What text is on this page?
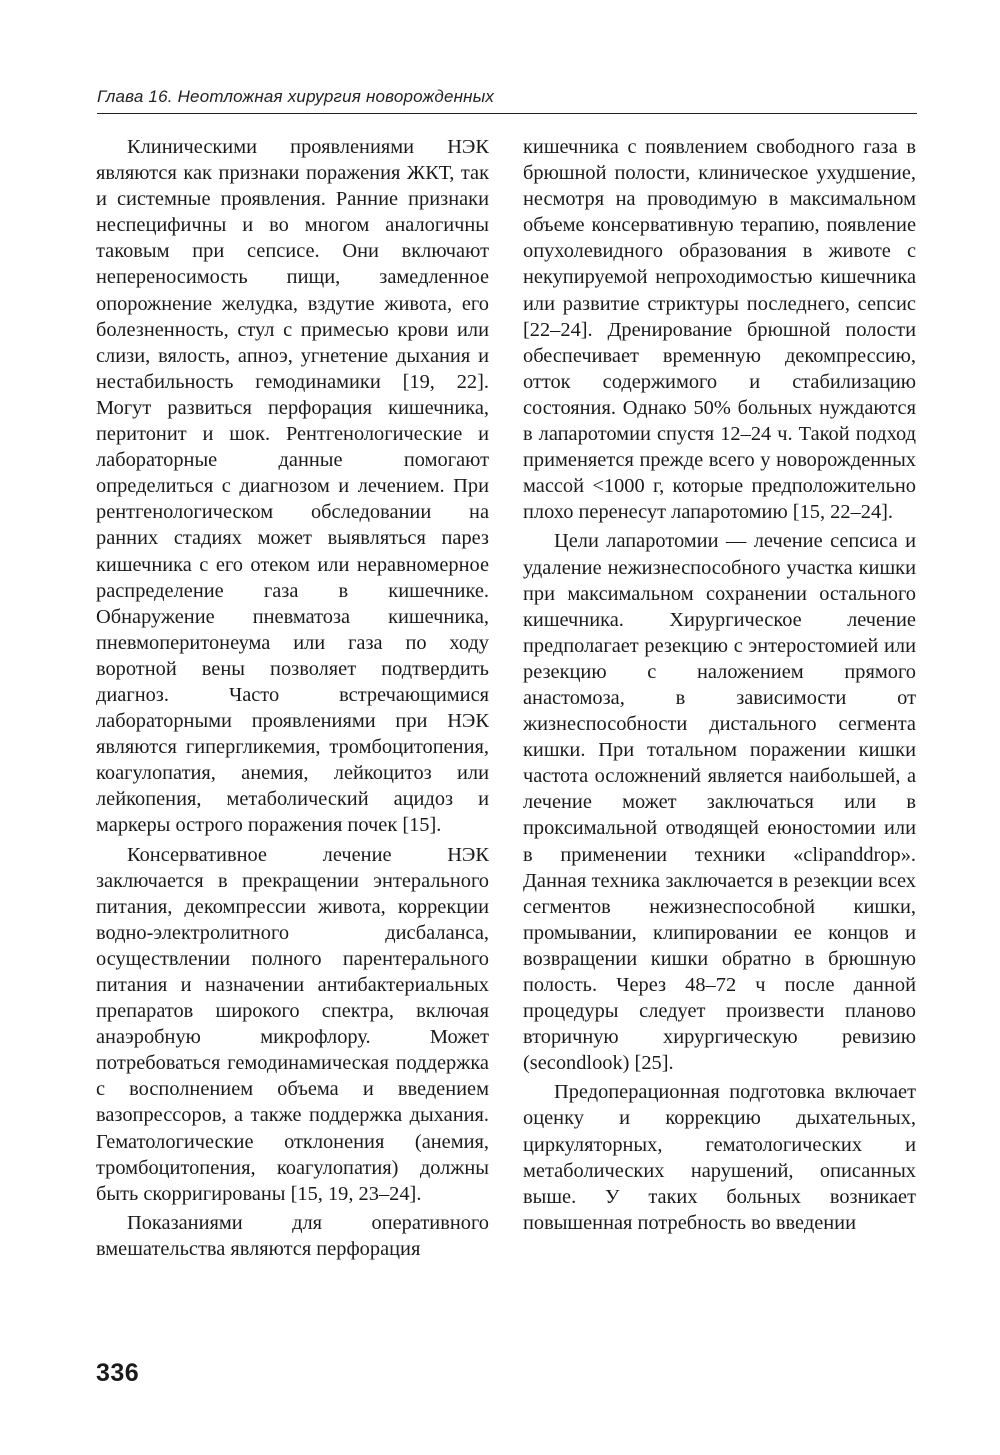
Глава 16. Неотложная хирургия новорожденных

Клиническими проявлениями НЭК являются как признаки поражения ЖКТ, так и системные проявления. Ранние признаки неспецифичны и во многом аналогичны таковым при сепсисе. Они включают непереносимость пищи, замедленное опорожнение желудка, вздутие живота, его болезненность, стул с примесью крови или слизи, вялость, апноэ, угнетение дыхания и нестабильность гемодинамики [19, 22]. Могут развиться перфорация кишечника, перитонит и шок. Рентгенологические и лабораторные данные помогают определиться с диагнозом и лечением. При рентгенологическом обследовании на ранних стадиях может выявляться парез кишечника с его отеком или неравномерное распределение газа в кишечнике. Обнаружение пневматоза кишечника, пневмоперитонеума или газа по ходу воротной вены позволяет подтвердить диагноз. Часто встречающимися лабораторными проявлениями при НЭК являются гипергликемия, тромбоцитопения, коагулопатия, анемия, лейкоцитоз или лейкопения, метаболический ацидоз и маркеры острого поражения почек [15].

Консервативное лечение НЭК заключается в прекращении энтерального питания, декомпрессии живота, коррекции водно-электролитного дисбаланса, осуществлении полного парентерального питания и назначении антибактериальных препаратов широкого спектра, включая анаэробную микрофлору. Может потребоваться гемодинамическая поддержка с восполнением объема и введением вазопрессоров, а также поддержка дыхания. Гематологические отклонения (анемия, тромбоцитопения, коагулопатия) должны быть скорригированы [15, 19, 23–24].

Показаниями для оперативного вмешательства являются перфорация

кишечника с появлением свободного газа в брюшной полости, клиническое ухудшение, несмотря на проводимую в максимальном объеме консервативную терапию, появление опухолевидного образования в животе с некупируемой непроходимостью кишечника или развитие стриктуры последнего, сепсис [22–24]. Дренирование брюшной полости обеспечивает временную декомпрессию, отток содержимого и стабилизацию состояния. Однако 50% больных нуждаются в лапаротомии спустя 12–24 ч. Такой подход применяется прежде всего у новорожденных массой <1000 г, которые предположительно плохо перенесут лапаротомию [15, 22–24].

Цели лапаротомии — лечение сепсиса и удаление нежизнеспособного участка кишки при максимальном сохранении остального кишечника. Хирургическое лечение предполагает резекцию с энтеростомией или резекцию с наложением прямого анастомоза, в зависимости от жизнеспособности дистального сегмента кишки. При тотальном поражении кишки частота осложнений является наибольшей, а лечение может заключаться или в проксимальной отводящей еюностомии или в применении техники «clipanddrop». Данная техника заключается в резекции всех сегментов нежизнеспособной кишки, промывании, клипировании ее концов и возвращении кишки обратно в брюшную полость. Через 48–72 ч после данной процедуры следует произвести планово вторичную хирургическую ревизию (secondlook) [25].

Предоперационная подготовка включает оценку и коррекцию дыхательных, циркуляторных, гематологических и метаболических нарушений, описанных выше. У таких больных возникает повышенная потребность во введении

336
